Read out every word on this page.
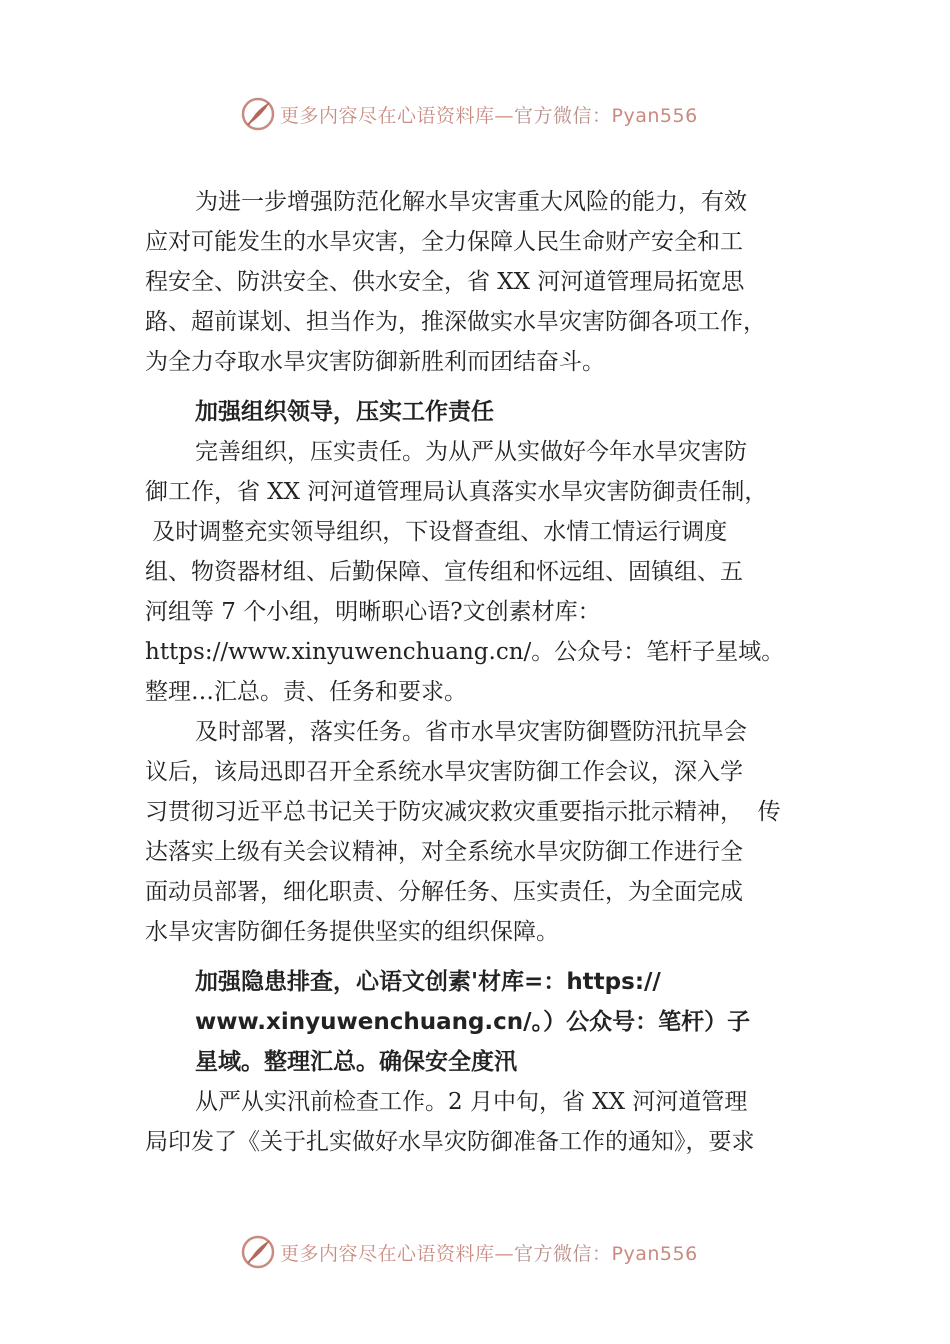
更多内容尽在心语资料库—官方微信：Pyan556

为进一步增强防范化解水旱灾害重大风险的能力，有效
应对可能发生的水旱灾害，全力保障人民生命财产安全和工
程安全、防洪安全、供水安全，省 XX 河河道管理局拓宽思
路、超前谋划、担当作为，推深做实水旱灾害防御各项工作，
为全力夺取水旱灾害防御新胜利而团结奋斗。

加强组织领导，压实工作责任

完善组织，压实责任。为从严从实做好今年水旱灾害防
御工作，省 XX 河河道管理局认真落实水旱灾害防御责任制，
及时调整充实领导组织，下设督查组、水情工情运行调度
组、物资器材组、后勤保障、宣传组和怀远组、固镇组、五
河组等 7 个小组，明晰职心语?文创素材库：
https://www.xinyuwenchuang.cn/。公众号：笔杆子星域。
整理…汇总。责、任务和要求。

及时部署，落实任务。省市水旱灾害防御暨防汛抗旱会
议后，该局迅即召开全系统水旱灾害防御工作会议，深入学
习贯彻习近平总书记关于防灾减灾救灾重要指示批示精神，  传
达落实上级有关会议精神，对全系统水旱灾防御工作进行全
面动员部署，细化职责、分解任务、压实责任，为全面完成
水旱灾害防御任务提供坚实的组织保障。

加强隐患排查，心语文创素'材库=：https://
www.xinyuwenchuang.cn/。）公众号：笔杆）子
星域。整理汇总。确保安全度汛

从严从实汛前检查工作。2 月中旬，省 XX 河河道管理
局印发了《关于扎实做好水旱灾防御准备工作的通知》，要求

更多内容尽在心语资料库—官方微信：Pyan556
